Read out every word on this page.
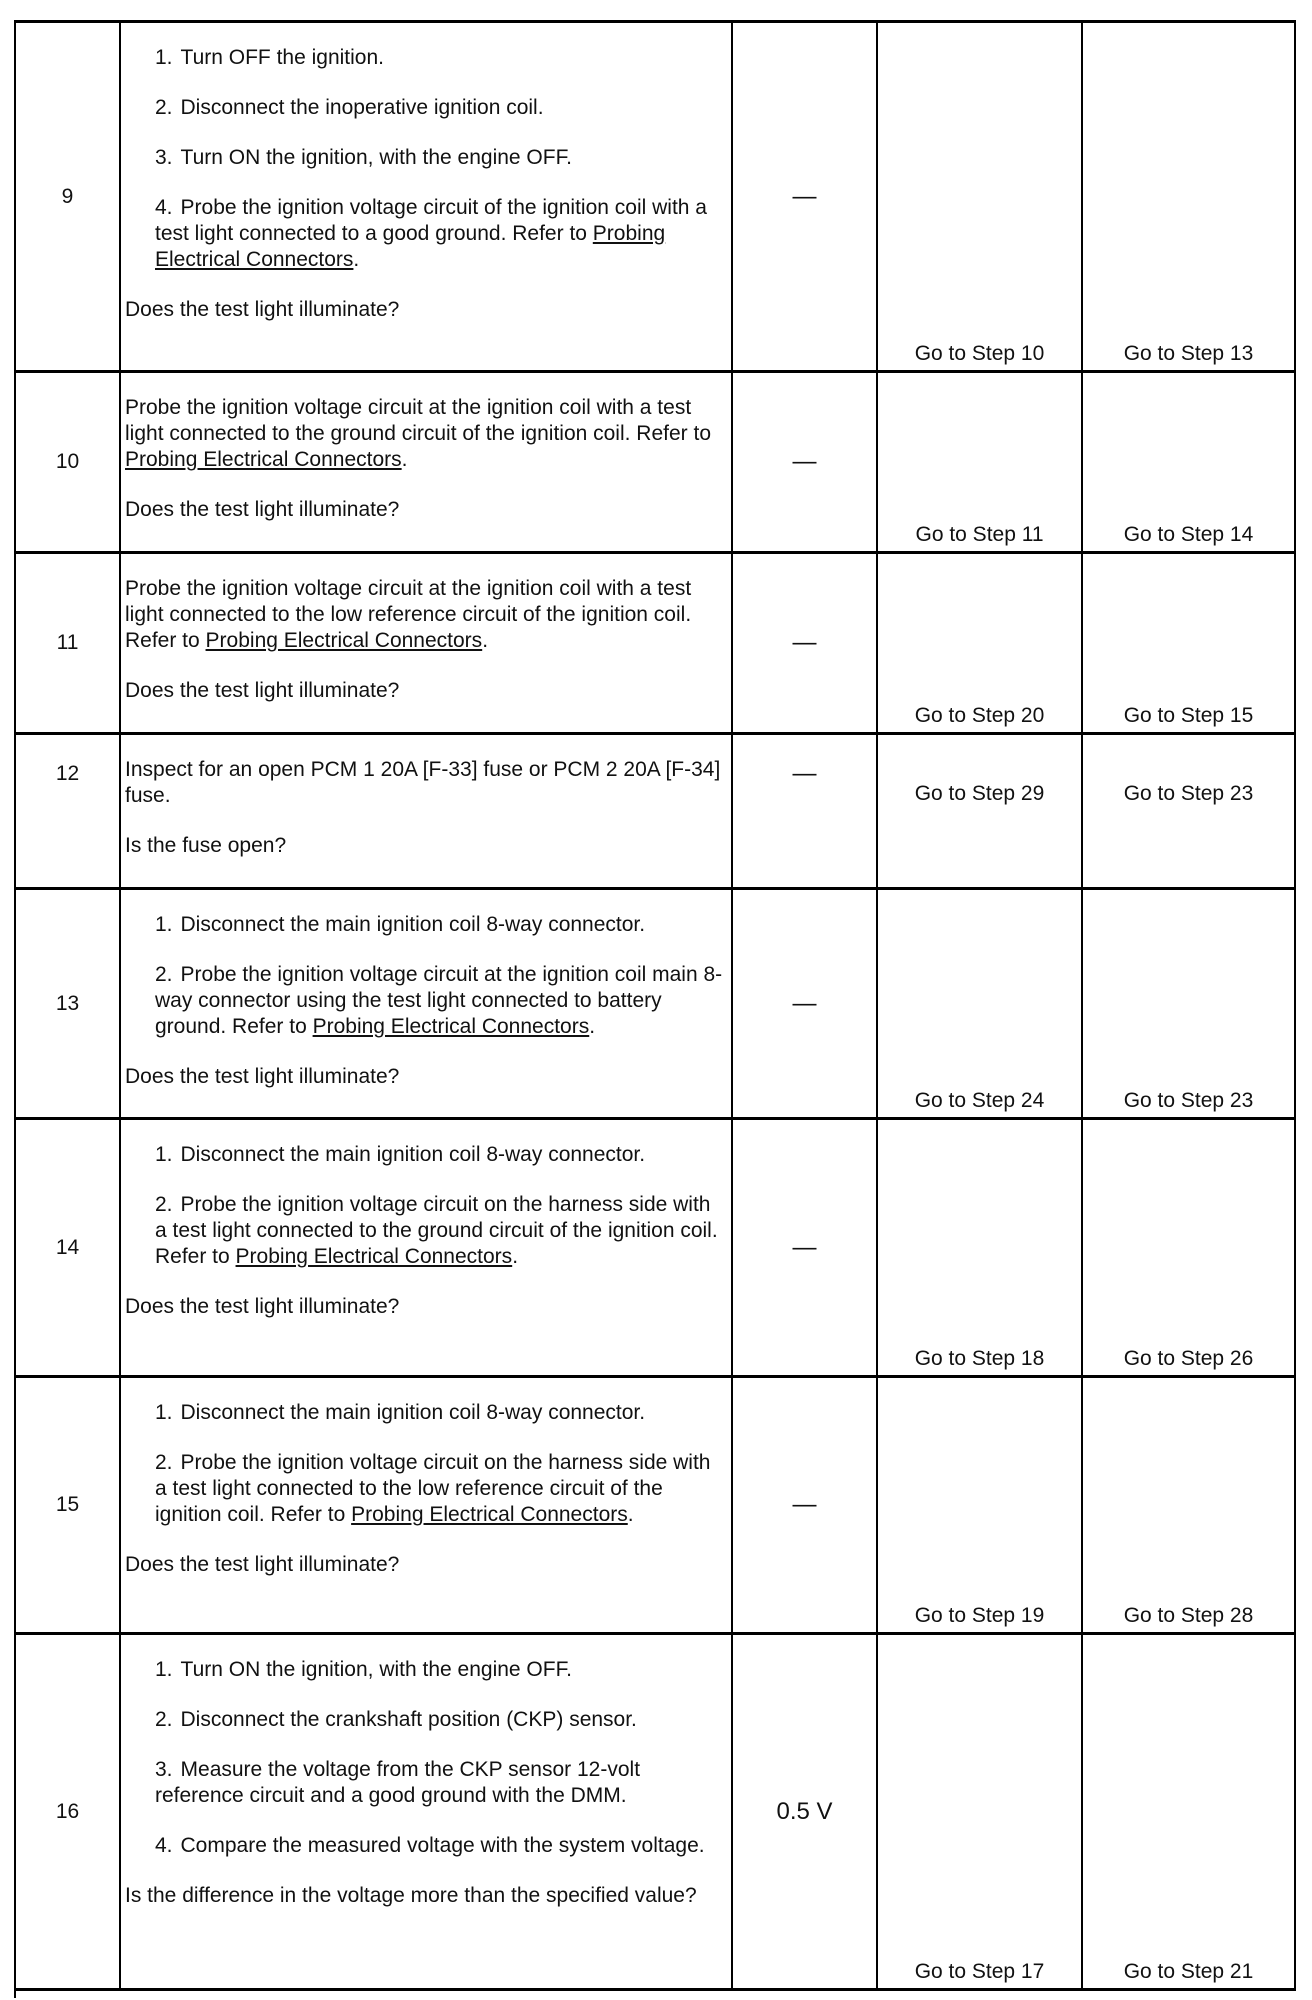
9
1. Turn OFF the ignition.
2. Disconnect the inoperative ignition coil.
3. Turn ON the ignition, with the engine OFF.
4. Probe the ignition voltage circuit of the ignition coil with a test light connected to a good ground. Refer to Probing Electrical Connectors.
Does the test light illuminate?
—
Go to Step 10	Go to Step 13
10
Probe the ignition voltage circuit at the ignition coil with a test light connected to the ground circuit of the ignition coil. Refer to Probing Electrical Connectors.
Does the test light illuminate?
—
Go to Step 11	Go to Step 14
11
Probe the ignition voltage circuit at the ignition coil with a test light connected to the low reference circuit of the ignition coil. Refer to Probing Electrical Connectors.
Does the test light illuminate?
—
Go to Step 20	Go to Step 15
12 Inspect for an open PCM 1 20A [F-33] fuse or PCM 2 20A [F-34] fuse.
Is the fuse open?
—
Go to Step 29	Go to Step 23
13
1. Disconnect the main ignition coil 8-way connector.
2. Probe the ignition voltage circuit at the ignition coil main 8-way connector using the test light connected to battery ground. Refer to Probing Electrical Connectors.
Does the test light illuminate?
—
Go to Step 24	Go to Step 23
14
1. Disconnect the main ignition coil 8-way connector.
2. Probe the ignition voltage circuit on the harness side with a test light connected to the ground circuit of the ignition coil. Refer to Probing Electrical Connectors.
Does the test light illuminate?
—
Go to Step 18	Go to Step 26
15
1. Disconnect the main ignition coil 8-way connector.
2. Probe the ignition voltage circuit on the harness side with a test light connected to the low reference circuit of the ignition coil. Refer to Probing Electrical Connectors.
Does the test light illuminate?
—
Go to Step 19	Go to Step 28
16
1. Turn ON the ignition, with the engine OFF.
2. Disconnect the crankshaft position (CKP) sensor.
3. Measure the voltage from the CKP sensor 12-volt reference circuit and a good ground with the DMM.
4. Compare the measured voltage with the system voltage.
Is the difference in the voltage more than the specified value?
0.5 V
Go to Step 17	Go to Step 21
